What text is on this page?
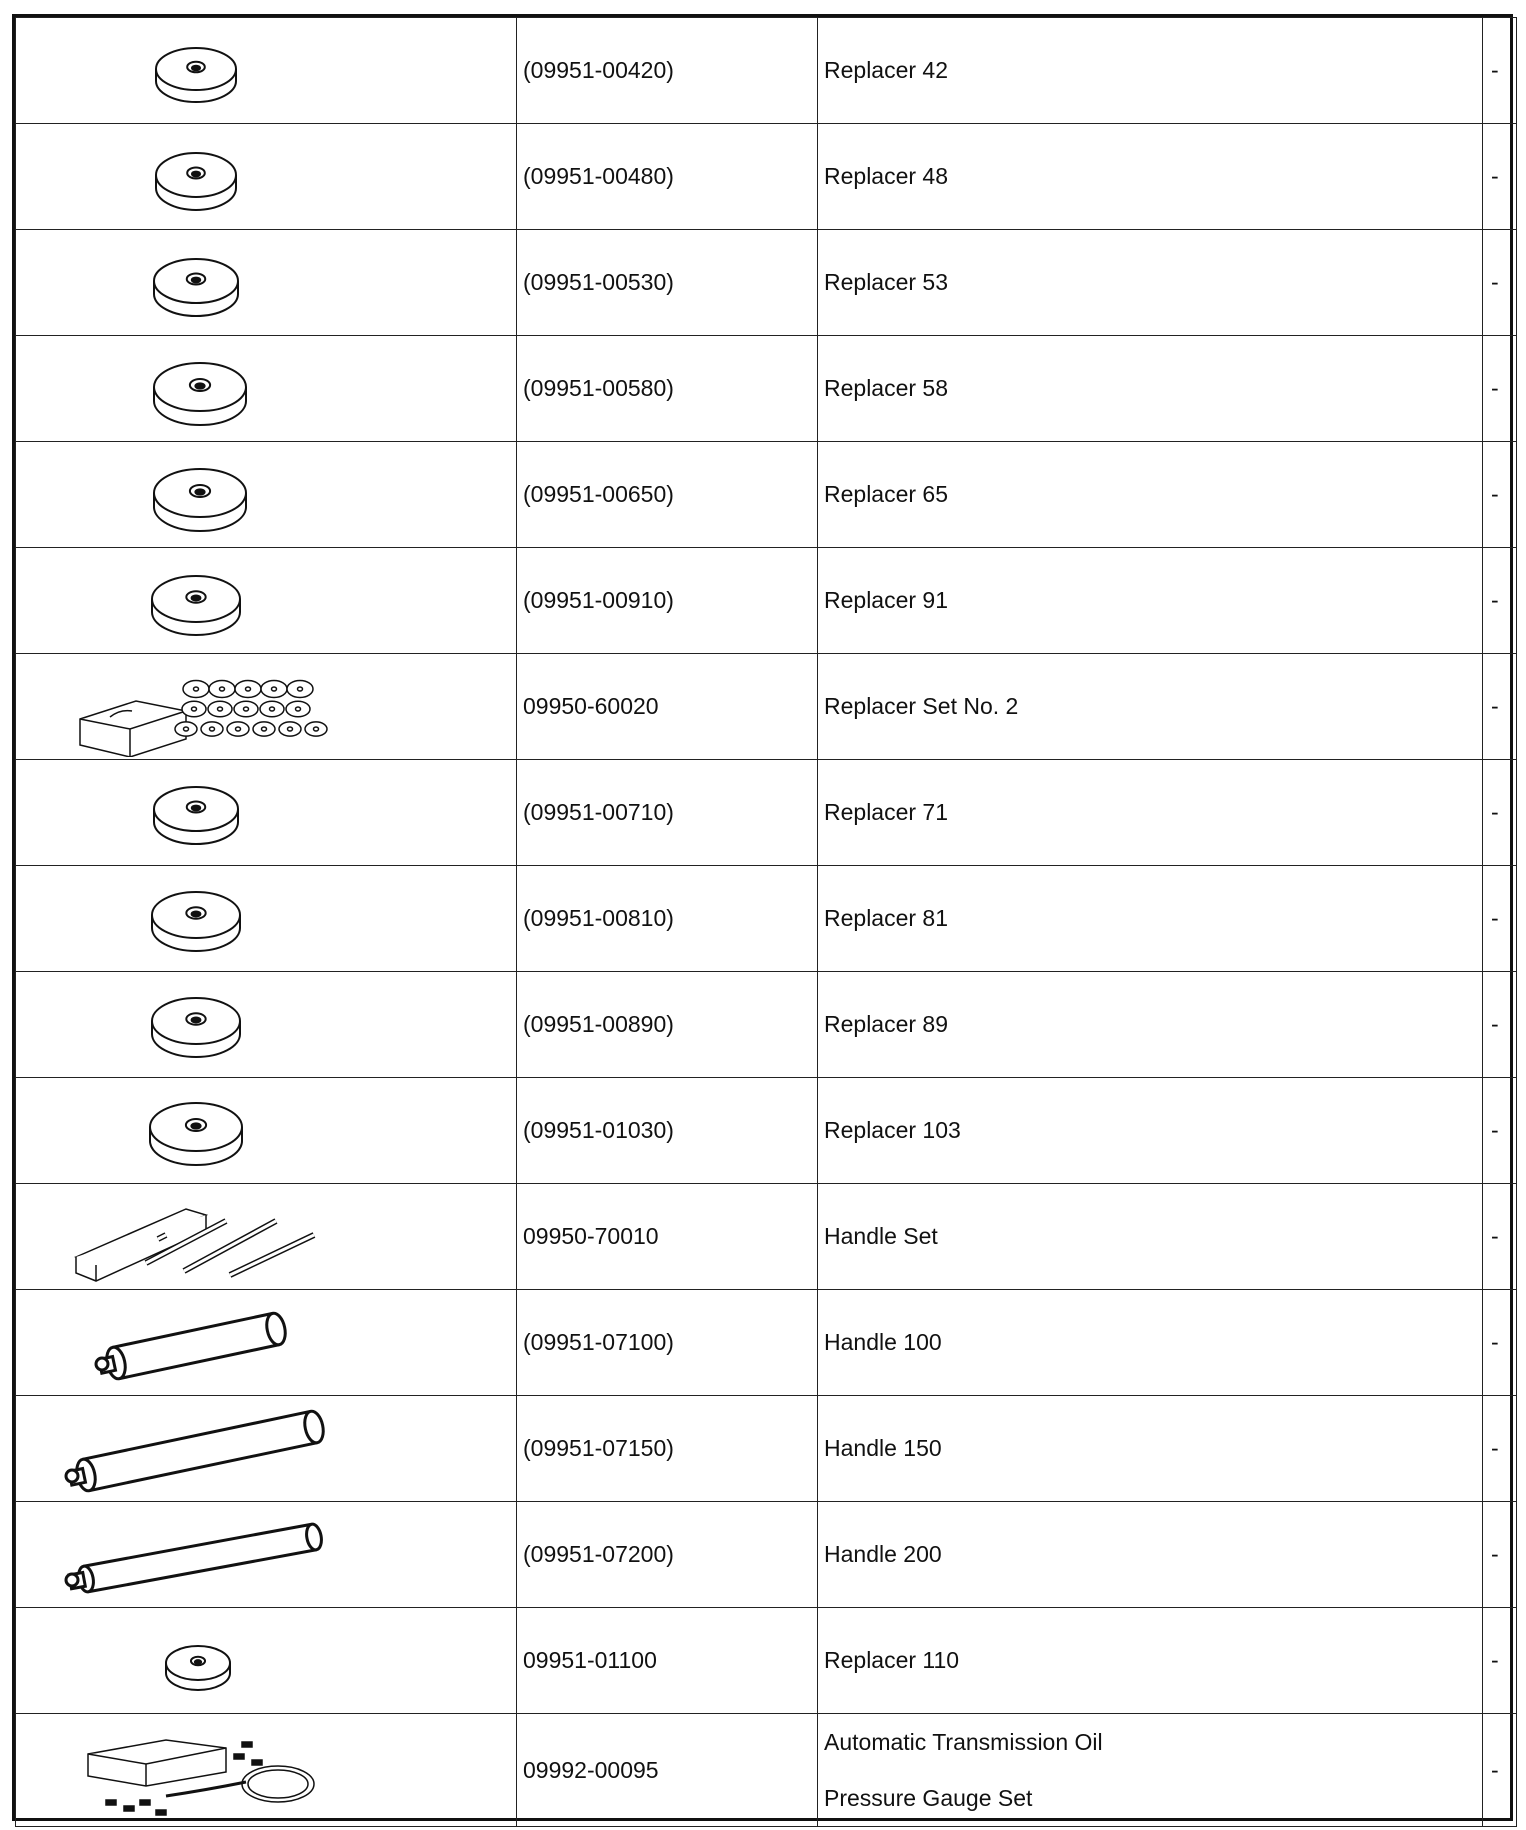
	(09951-00420)	Replacer 42	-

	(09951-00480)	Replacer 48	-

	(09951-00530)	Replacer 53	-

	(09951-00580)	Replacer 58	-

	(09951-00650)	Replacer 65	-

	(09951-00910)	Replacer 91	-

	09950-60020	Replacer Set No. 2	-

	(09951-00710)	Replacer 71	-

	(09951-00810)	Replacer 81	-

	(09951-00890)	Replacer 89	-

	(09951-01030)	Replacer 103	-

	09950-70010	Handle Set	-

	(09951-07100)	Handle 100	-

	(09951-07150)	Handle 150	-

	(09951-07200)	Handle 200	-

	09951-01100	Replacer 110	-

	09992-00095	Automatic Transmission Oil
Pressure Gauge Set	-
